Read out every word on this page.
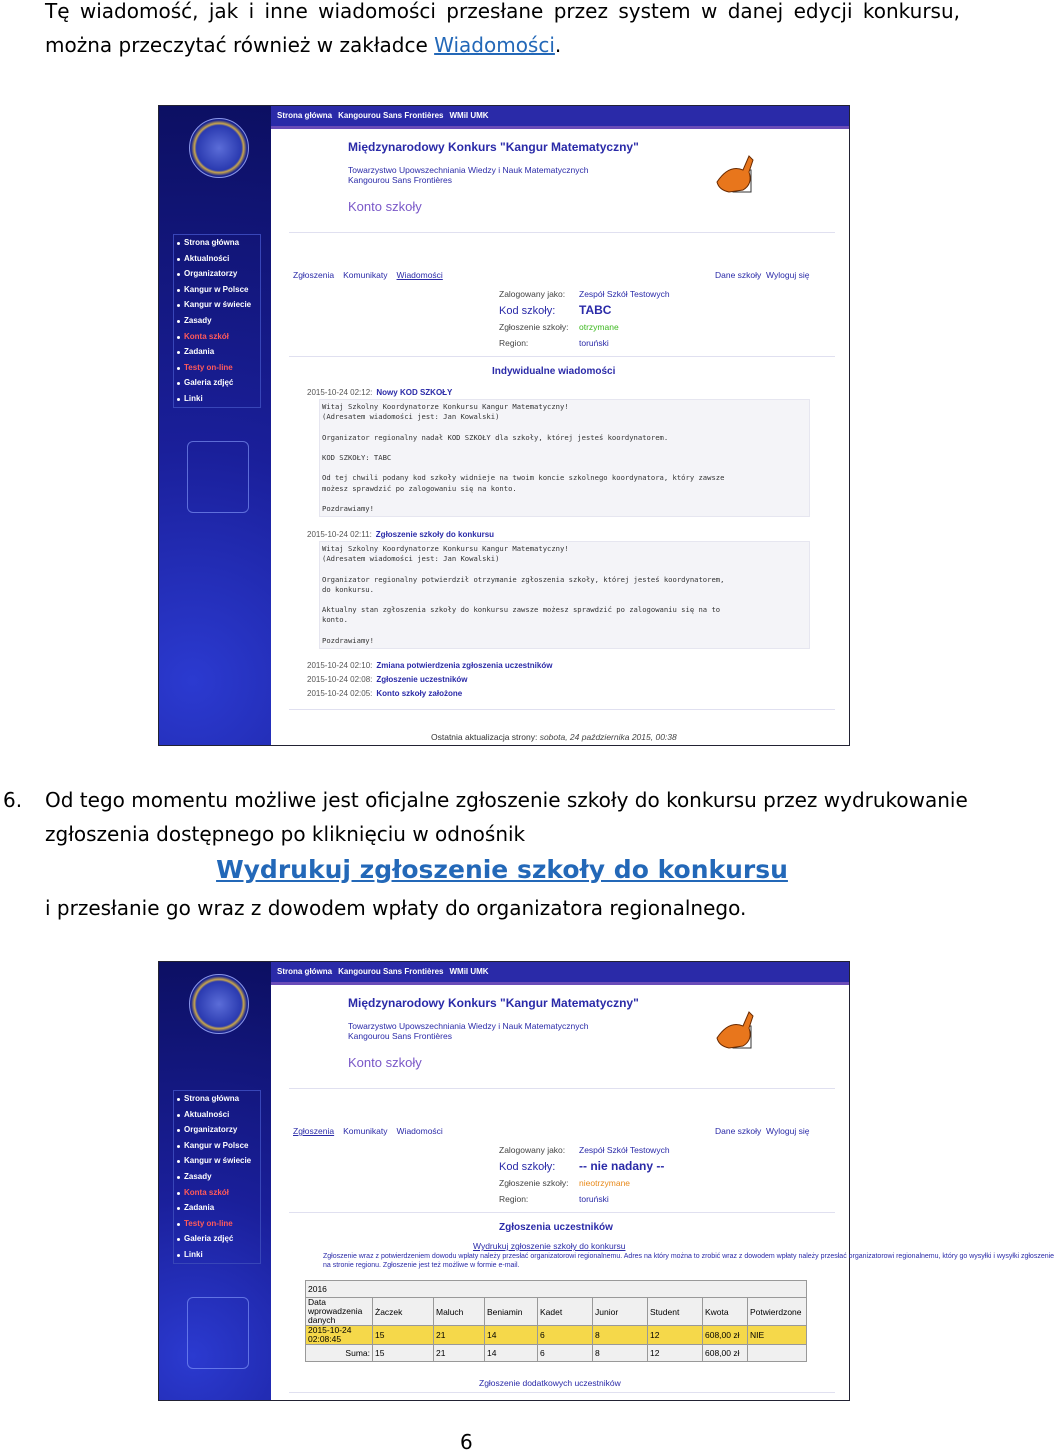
Tę wiadomość, jak i inne wiadomości przesłane przez system w danej edycji konkursu, można przeczytać również w zakładce Wiadomości.
Strona główna
Aktualności
Organizatorzy
Kangur w Polsce
Kangur w świecie
Zasady
Konta szkół
Zadania
Testy on-line
Galeria zdjęć
Linki
Strona główna Kangourou Sans Frontières WMiI UMK
Międzynarodowy Konkurs "Kangur Matematyczny"
Towarzystwo Upowszechniania Wiedzy i Nauk Matematycznych
Kangourou Sans Frontières
Konto szkoły
Zgłoszenia Komunikaty Wiadomości	Dane szkoły Wyloguj się
Zalogowany jako: Zespół Szkół Testowych
Kod szkoły: TABC
Zgłoszenie szkoły: otrzymane
Region:	toruński
Indywidualne wiadomości
2015-10-24 02:12: Nowy KOD SZKOŁY
Witaj Szkolny Koordynatorze Konkursu Kangur Matematyczny!
(Adresatem wiadomości jest: Jan Kowalski)

Organizator regionalny nadał KOD SZKOŁY dla szkoły, której jesteś koordynatorem.

KOD SZKOŁY: TABC

Od tej chwili podany kod szkoły widnieje na twoim koncie szkolnego koordynatora, który zawsze
możesz sprawdzić po zalogowaniu się na konto.

Pozdrawiamy!
2015-10-24 02:11: Zgłoszenie szkoły do konkursu
Witaj Szkolny Koordynatorze Konkursu Kangur Matematyczny!
(Adresatem wiadomości jest: Jan Kowalski)

Organizator regionalny potwierdził otrzymanie zgłoszenia szkoły, której jesteś koordynatorem,
do konkursu.

Aktualny stan zgłoszenia szkoły do konkursu zawsze możesz sprawdzić po zalogowaniu się na to
konto.

Pozdrawiamy!
2015-10-24 02:10: Zmiana potwierdzenia zgłoszenia uczestników
2015-10-24 02:08: Zgłoszenie uczestników
2015-10-24 02:05: Konto szkoły założone
Ostatnia aktualizacja strony: sobota, 24 października 2015, 00:38
6. Od tego momentu możliwe jest oficjalne zgłoszenie szkoły do konkursu przez wydrukowanie
zgłoszenia dostępnego po kliknięciu w odnośnik
Wydrukuj zgłoszenie szkoły do konkursu
i przesłanie go wraz z dowodem wpłaty do organizatora regionalnego.
Strona główna
Aktualności
Organizatorzy
Kangur w Polsce
Kangur w świecie
Zasady
Konta szkół
Zadania
Testy on-line
Galeria zdjęć
Linki
Strona główna Kangourou Sans Frontières WMiI UMK
Międzynarodowy Konkurs "Kangur Matematyczny"
Towarzystwo Upowszechniania Wiedzy i Nauk Matematycznych
Kangourou Sans Frontières
Konto szkoły
Zgłoszenia Komunikaty Wiadomości	Dane szkoły Wyloguj się
Zalogowany jako: Zespół Szkół Testowych
Kod szkoły: -- nie nadany --
Zgłoszenie szkoły: nieotrzymane
Region:	toruński
Zgłoszenia uczestników
Wydrukuj zgłoszenie szkoły do konkursu
Zgłoszenie wraz z potwierdzeniem dowodu wpłaty należy przesłać organizatorowi regionalnemu. Adres na który można to zrobić wraz z dowodem wpłaty należy przesłać organizatorowi regionalnemu, który go wysyłki i wysyłki zgłoszenie
na stronie regionu. Zgłoszenie jest też możliwe w formie e-mail.
2016								
Data wprowadzenia danych	Żaczek	Maluch	Beniamin	Kadet	Junior	Student	Kwota	Potwierdzone
2015-10-24 02:08:45	15	21	14	6	8	12	608,00 zł	NIE
Suma:	15	21	14	6	8	12	608,00 zł	
Zgłoszenie dodatkowych uczestników
6
